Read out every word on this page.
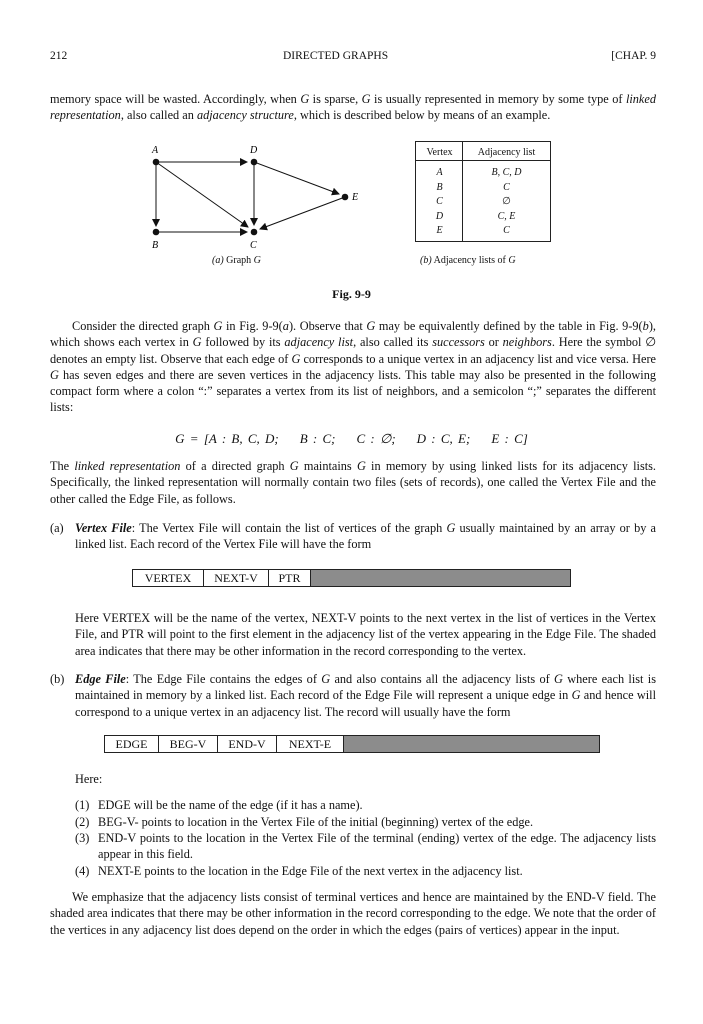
212	DIRECTED GRAPHS	[CHAP. 9

memory space will be wasted. Accordingly, when G is sparse, G is usually represented in memory by some type of linked representation, also called an adjacency structure, which is described below by means of an example.

A	D
E
B	C
(a) Graph G
Vertex	Adjacency list
A	B, C, D
B	C
C	∅
D	C, E
E	C
(b) Adjacency lists of G
Fig. 9-9

Consider the directed graph G in Fig. 9-9(a). Observe that G may be equivalently defined by the table in Fig. 9-9(b), which shows each vertex in G followed by its adjacency list, also called its successors or neighbors. Here the symbol ∅ denotes an empty list. Observe that each edge of G corresponds to a unique vertex in an adjacency list and vice versa. Here G has seven edges and there are seven vertices in the adjacency lists. This table may also be presented in the following compact form where a colon “:” separates a vertex from its list of neighbors, and a semicolon “;” separates the different lists:

G = [A : B, C, D;    B : C;    C : ∅;    D : C, E;    E : C]

The linked representation of a directed graph G maintains G in memory by using linked lists for its adjacency lists. Specifically, the linked representation will normally contain two files (sets of records), one called the Vertex File and the other called the Edge File, as follows.

(a) Vertex File: The Vertex File will contain the list of vertices of the graph G usually maintained by an array or by a linked list. Each record of the Vertex File will have the form

VERTEX	NEXT-V	PTR

Here VERTEX will be the name of the vertex, NEXT-V points to the next vertex in the list of vertices in the Vertex File, and PTR will point to the first element in the adjacency list of the vertex appearing in the Edge File. The shaded area indicates that there may be other information in the record corresponding to the vertex.

(b) Edge File: The Edge File contains the edges of G and also contains all the adjacency lists of G where each list is maintained in memory by a linked list. Each record of the Edge File will represent a unique edge in G and hence will correspond to a unique vertex in an adjacency list. The record will usually have the form

EDGE	BEG-V	END-V	NEXT-E
Here:
(1) EDGE will be the name of the edge (if it has a name).
(2) BEG-V- points to location in the Vertex File of the initial (beginning) vertex of the edge.
(3) END-V points to the location in the Vertex File of the terminal (ending) vertex of the edge. The adjacency lists appear in this field.
(4) NEXT-E points to the location in the Edge File of the next vertex in the adjacency list.

We emphasize that the adjacency lists consist of terminal vertices and hence are maintained by the END-V field. The shaded area indicates that there may be other information in the record corresponding to the edge. We note that the order of the vertices in any adjacency list does depend on the order in which the edges (pairs of vertices) appear in the input.
